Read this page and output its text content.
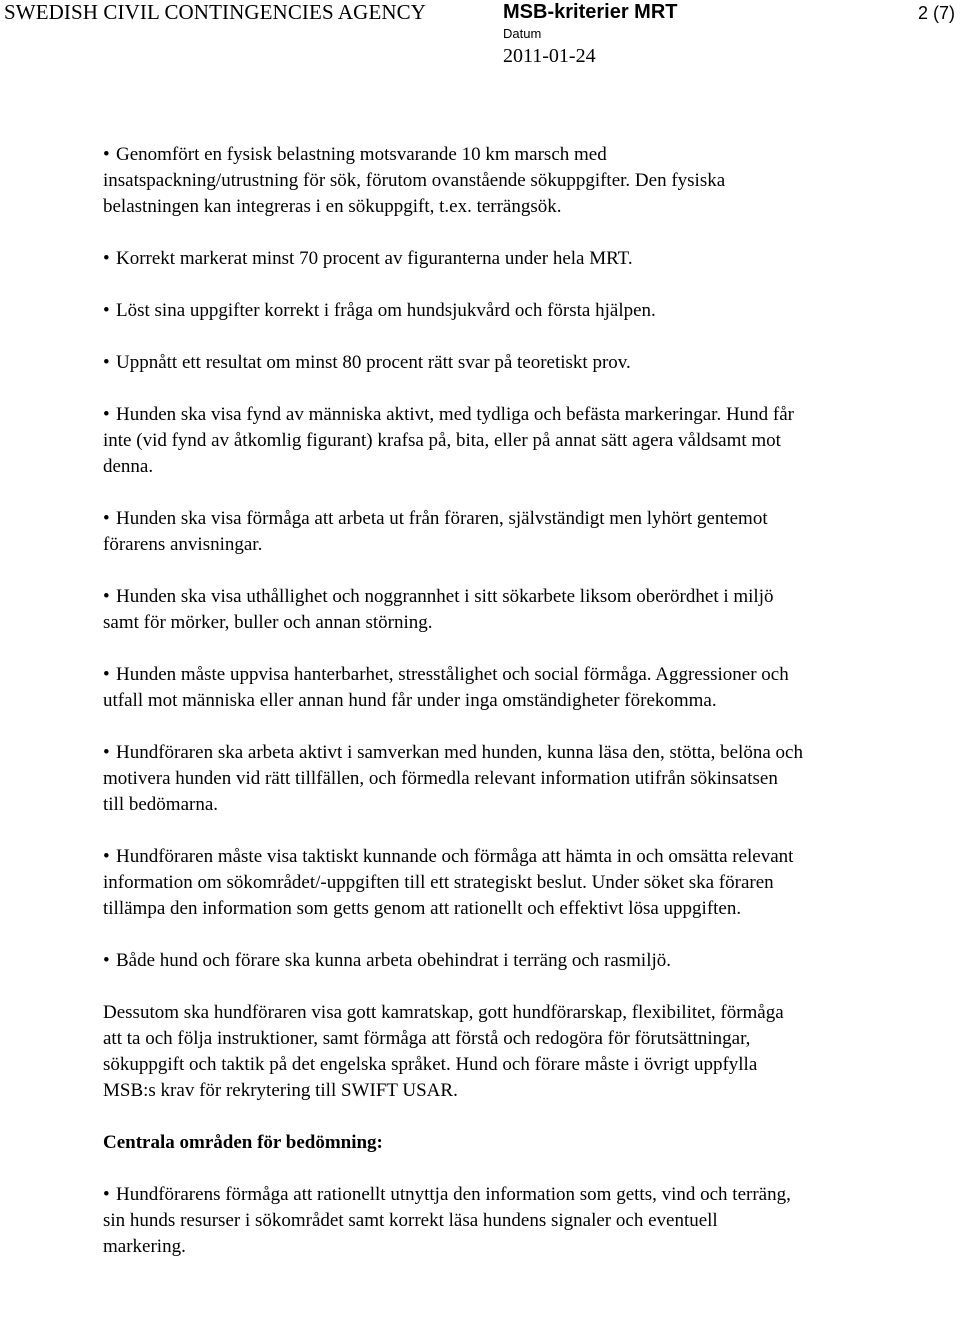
SWEDISH CIVIL CONTINGENCIES AGENCY	MSB-kriterier MRT	2 (7)
Datum
2011-01-24

• Genomfört en fysisk belastning motsvarande 10 km marsch med insatspackning/utrustning för sök, förutom ovanstående sökuppgifter. Den fysiska belastningen kan integreras i en sökuppgift, t.ex. terrängsök.

• Korrekt markerat minst 70 procent av figuranterna under hela MRT.

• Löst sina uppgifter korrekt i fråga om hundsjukvård och första hjälpen.

• Uppnått ett resultat om minst 80 procent rätt svar på teoretiskt prov.

• Hunden ska visa fynd av människa aktivt, med tydliga och befästa markeringar. Hund får inte (vid fynd av åtkomlig figurant) krafsa på, bita, eller på annat sätt agera våldsamt mot denna.

• Hunden ska visa förmåga att arbeta ut från föraren, självständigt men lyhört gentemot förarens anvisningar.

• Hunden ska visa uthållighet och noggrannhet i sitt sökarbete liksom oberördhet i miljö samt för mörker, buller och annan störning.

• Hunden måste uppvisa hanterbarhet, stresstålighet och social förmåga. Aggressioner och utfall mot människa eller annan hund får under inga omständigheter förekomma.

• Hundföraren ska arbeta aktivt i samverkan med hunden, kunna läsa den, stötta, belöna och motivera hunden vid rätt tillfällen, och förmedla relevant information utifrån sökinsatsen till bedömarna.

• Hundföraren måste visa taktiskt kunnande och förmåga att hämta in och omsätta relevant information om sökområdet/-uppgiften till ett strategiskt beslut. Under söket ska föraren tillämpa den information som getts genom att rationellt och effektivt lösa uppgiften.

• Både hund och förare ska kunna arbeta obehindrat i terräng och rasmiljö.

Dessutom ska hundföraren visa gott kamratskap, gott hundförarskap, flexibilitet, förmåga att ta och följa instruktioner, samt förmåga att förstå och redogöra för förutsättningar, sökuppgift och taktik på det engelska språket. Hund och förare måste i övrigt uppfylla MSB:s krav för rekrytering till SWIFT USAR.

Centrala områden för bedömning:

• Hundförarens förmåga att rationellt utnyttja den information som getts, vind och terräng, sin hunds resurser i sökområdet samt korrekt läsa hundens signaler och eventuell markering.
